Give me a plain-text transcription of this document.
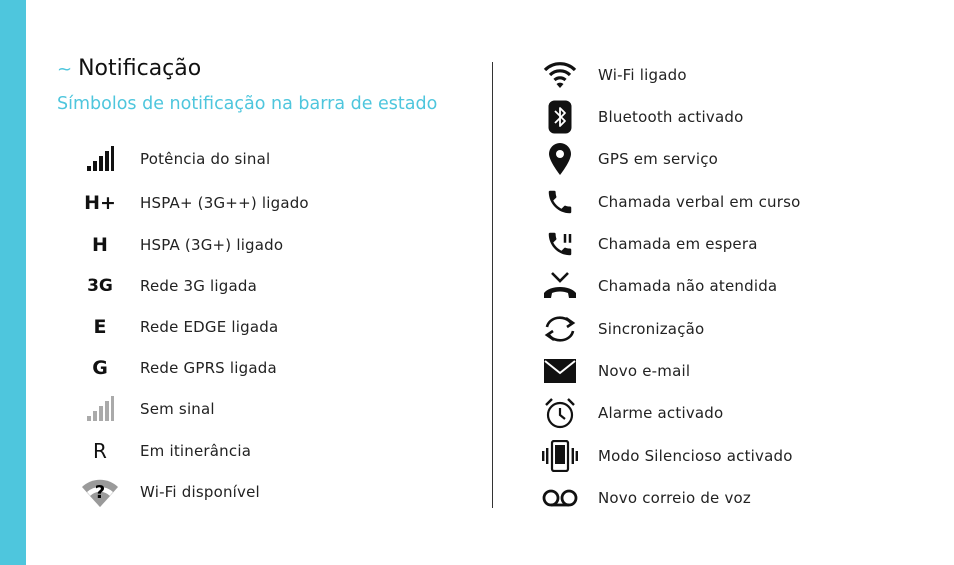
~ Notificação
Símbolos de notificação na barra de estado
Potência do sinal
H+ HSPA+ (3G++) ligado
H HSPA (3G+) ligado
3G Rede 3G ligada
E Rede EDGE ligada
G Rede GPRS ligada
Sem sinal
R Em itinerância
? Wi-Fi disponível
Wi-Fi ligado
Bluetooth activado
GPS em serviço
Chamada verbal em curso
Chamada em espera
Chamada não atendida
Sincronização
Novo e-mail
Alarme activado
Modo Silencioso activado
Novo correio de voz
